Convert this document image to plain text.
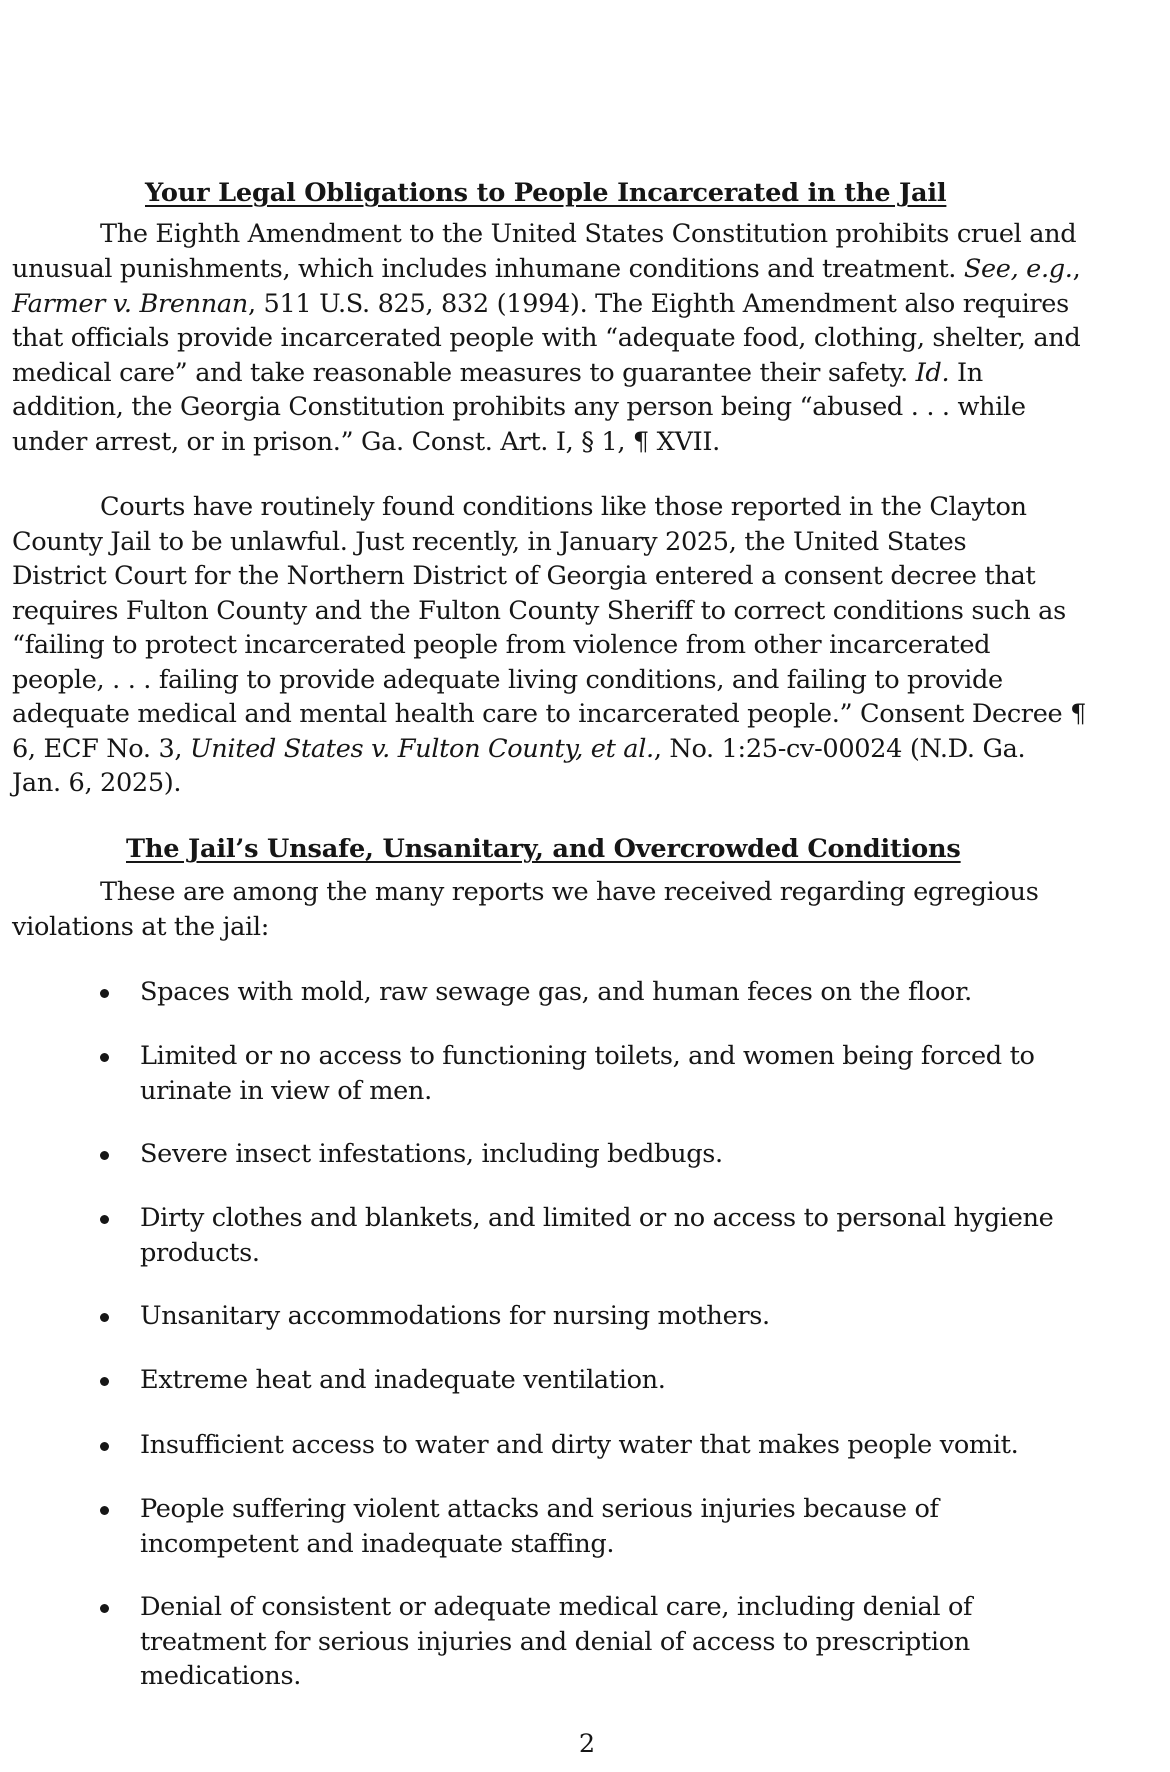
Your Legal Obligations to People Incarcerated in the Jail
The Eighth Amendment to the United States Constitution prohibits cruel and
unusual punishments, which includes inhumane conditions and treatment. See, e.g.,
Farmer v. Brennan, 511 U.S. 825, 832 (1994). The Eighth Amendment also requires
that officials provide incarcerated people with “adequate food, clothing, shelter, and
medical care” and take reasonable measures to guarantee their safety. Id. In
addition, the Georgia Constitution prohibits any person being “abused . . . while
under arrest, or in prison.” Ga. Const. Art. I, § 1, ¶ XVII.
Courts have routinely found conditions like those reported in the Clayton
County Jail to be unlawful. Just recently, in January 2025, the United States
District Court for the Northern District of Georgia entered a consent decree that
requires Fulton County and the Fulton County Sheriff to correct conditions such as
“failing to protect incarcerated people from violence from other incarcerated
people, . . . failing to provide adequate living conditions, and failing to provide
adequate medical and mental health care to incarcerated people.” Consent Decree ¶
6, ECF No. 3, United States v. Fulton County, et al., No. 1:25-cv-00024 (N.D. Ga.
Jan. 6, 2025).
The Jail’s Unsafe, Unsanitary, and Overcrowded Conditions
These are among the many reports we have received regarding egregious
violations at the jail:
Spaces with mold, raw sewage gas, and human feces on the floor.
Limited or no access to functioning toilets, and women being forced to
urinate in view of men.
Severe insect infestations, including bedbugs.
Dirty clothes and blankets, and limited or no access to personal hygiene
products.
Unsanitary accommodations for nursing mothers.
Extreme heat and inadequate ventilation.
Insufficient access to water and dirty water that makes people vomit.
People suffering violent attacks and serious injuries because of
incompetent and inadequate staffing.
Denial of consistent or adequate medical care, including denial of
treatment for serious injuries and denial of access to prescription
medications.
2
